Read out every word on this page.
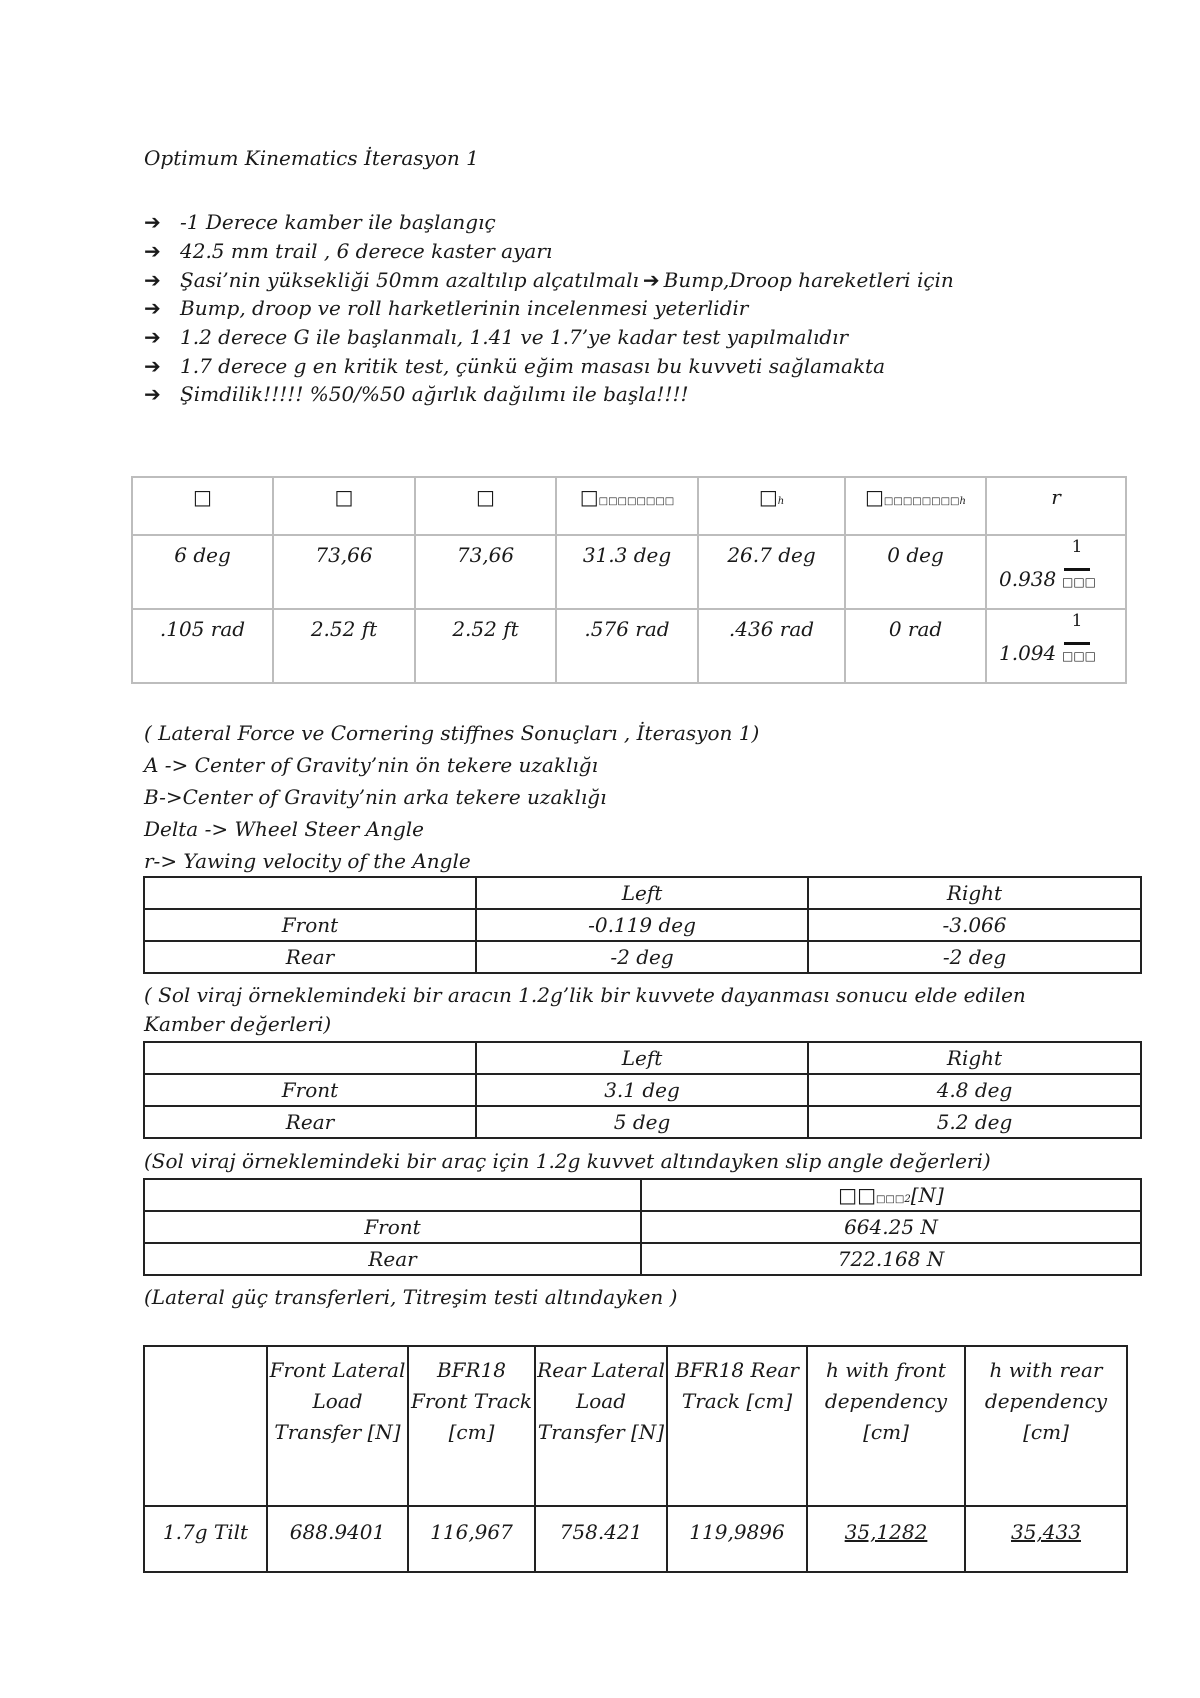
Optimum Kinematics İterasyon 1
➔ -1 Derece kamber ile başlangıç
➔ 42.5 mm trail , 6 derece kaster ayarı
➔ Şasi’nin yüksekliği 50mm azaltılıp alçatılmalı ➔ Bump,Droop hareketleri için
➔ Bump, droop ve roll harketlerinin incelenmesi yeterlidir
➔ 1.2 derece G ile başlanmalı, 1.41 ve 1.7’ye kadar test yapılmalıdır
➔ 1.7 derece g en kritik test, çünkü eğim masası bu kuvveti sağlamakta
➔ Şimdilik!!!!! %50/%50 ağırlık dağılımı ile başla!!!!
□	□	□	□□□□□□□□□	□h	□□□□□□□□□h	r
6 deg	73,66	73,66	31.3 deg	26.7 deg	0 deg	0.938
1
□□□

.105 rad	2.52 ft	2.52 ft	.576 rad	.436 rad	0 rad	1.094
1
□□□
( Lateral Force ve Cornering stiffnes Sonuçları , İterasyon 1)
A -> Center of Gravity’nin ön tekere uzaklığı
B->Center of Gravity’nin arka tekere uzaklığı
Delta -> Wheel Steer Angle
r-> Yawing velocity of the Angle
	Left	Right
Front	-0.119 deg	-3.066
Rear	-2 deg	-2 deg
( Sol viraj örneklemindeki bir aracın 1.2g’lik bir kuvvete dayanması sonucu elde edilen
Kamber değerleri)
	Left	Right
Front	3.1 deg	4.8 deg
Rear	5 deg	5.2 deg
(Sol viraj örneklemindeki bir araç için 1.2g kuvvet altındayken slip angle değerleri)
	□□□□□2[N]
Front	664.25 N
Rear	722.168 N
(Lateral güç transferleri, Titreşim testi altındayken )
	Front Lateral Load Transfer [N]	BFR18 Front Track [cm]	Rear Lateral Load Transfer [N]	BFR18 Rear Track [cm]	h with front dependency [cm]	h with rear dependency [cm]
1.7g Tilt	688.9401	116,967	758.421	119,9896	35,1282	35,433
